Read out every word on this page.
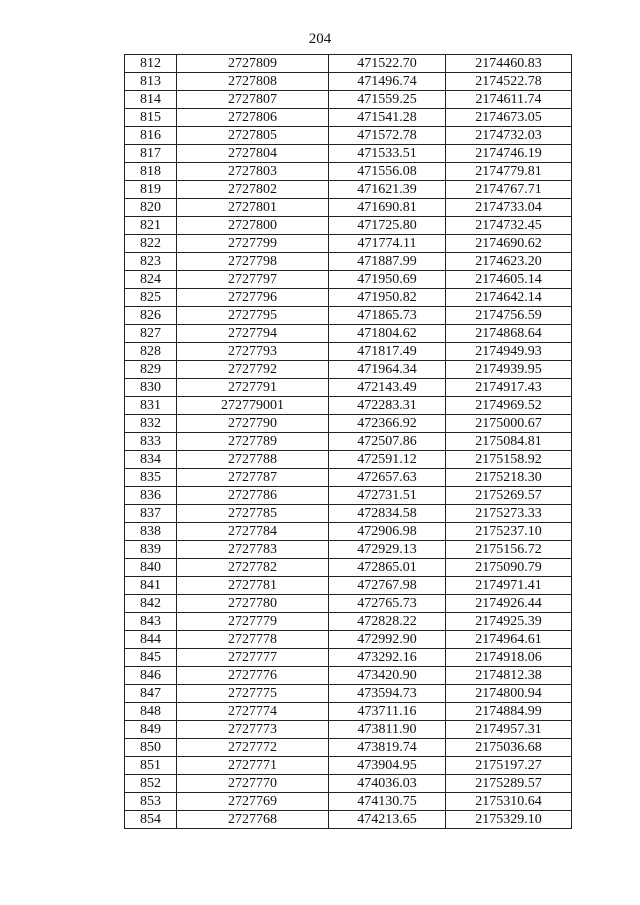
204
812	2727809	471522.70	2174460.83
813	2727808	471496.74	2174522.78
814	2727807	471559.25	2174611.74
815	2727806	471541.28	2174673.05
816	2727805	471572.78	2174732.03
817	2727804	471533.51	2174746.19
818	2727803	471556.08	2174779.81
819	2727802	471621.39	2174767.71
820	2727801	471690.81	2174733.04
821	2727800	471725.80	2174732.45
822	2727799	471774.11	2174690.62
823	2727798	471887.99	2174623.20
824	2727797	471950.69	2174605.14
825	2727796	471950.82	2174642.14
826	2727795	471865.73	2174756.59
827	2727794	471804.62	2174868.64
828	2727793	471817.49	2174949.93
829	2727792	471964.34	2174939.95
830	2727791	472143.49	2174917.43
831	272779001	472283.31	2174969.52
832	2727790	472366.92	2175000.67
833	2727789	472507.86	2175084.81
834	2727788	472591.12	2175158.92
835	2727787	472657.63	2175218.30
836	2727786	472731.51	2175269.57
837	2727785	472834.58	2175273.33
838	2727784	472906.98	2175237.10
839	2727783	472929.13	2175156.72
840	2727782	472865.01	2175090.79
841	2727781	472767.98	2174971.41
842	2727780	472765.73	2174926.44
843	2727779	472828.22	2174925.39
844	2727778	472992.90	2174964.61
845	2727777	473292.16	2174918.06
846	2727776	473420.90	2174812.38
847	2727775	473594.73	2174800.94
848	2727774	473711.16	2174884.99
849	2727773	473811.90	2174957.31
850	2727772	473819.74	2175036.68
851	2727771	473904.95	2175197.27
852	2727770	474036.03	2175289.57
853	2727769	474130.75	2175310.64
854	2727768	474213.65	2175329.10
